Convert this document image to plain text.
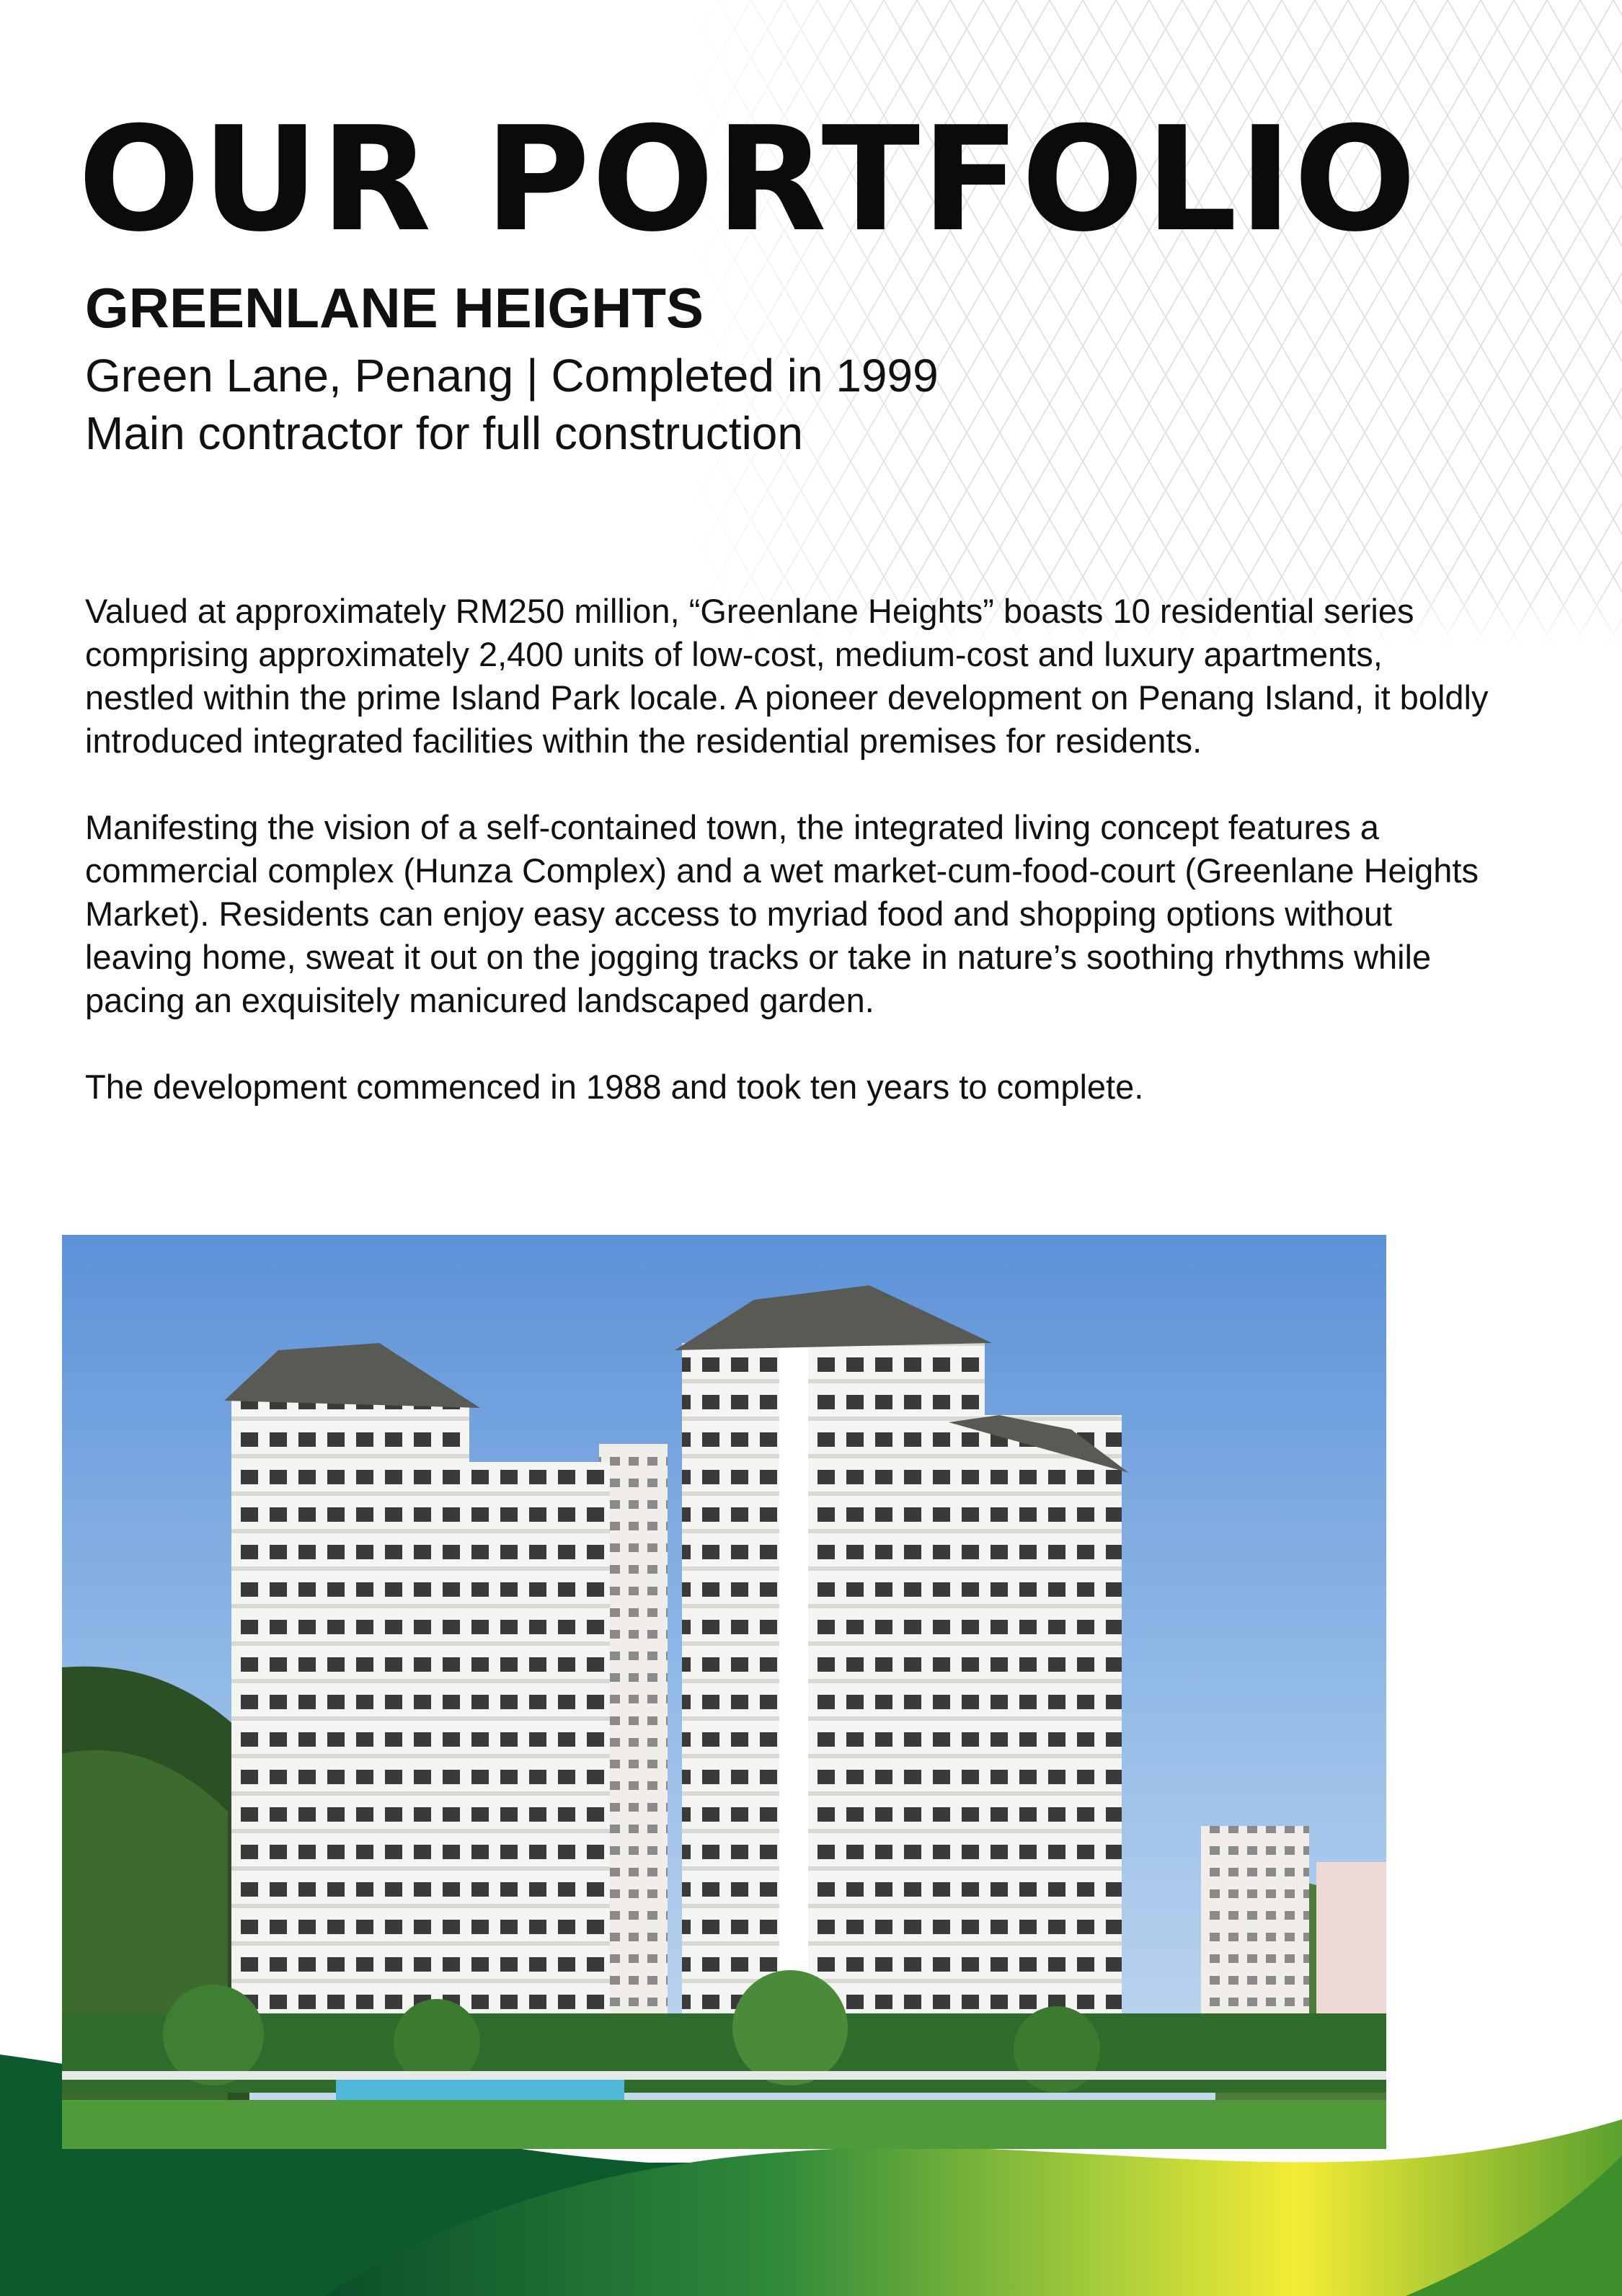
OUR PORTFOLIO
GREENLANE HEIGHTS
Green Lane, Penang | Completed in 1999
Main contractor for full construction

Valued at approximately RM250 million, “Greenlane Heights” boasts 10 residential series comprising approximately 2,400 units of low-cost, medium-cost and luxury apartments, nestled within the prime Island Park locale. A pioneer development on Penang Island, it boldly introduced integrated facilities within the residential premises for residents.

Manifesting the vision of a self-contained town, the integrated living concept features a commercial complex (Hunza Complex) and a wet market-cum-food-court (Greenlane Heights Market). Residents can enjoy easy access to myriad food and shopping options without leaving home, sweat it out on the jogging tracks or take in nature’s soothing rhythms while pacing an exquisitely manicured landscaped garden.

The development commenced in 1988 and took ten years to complete.
